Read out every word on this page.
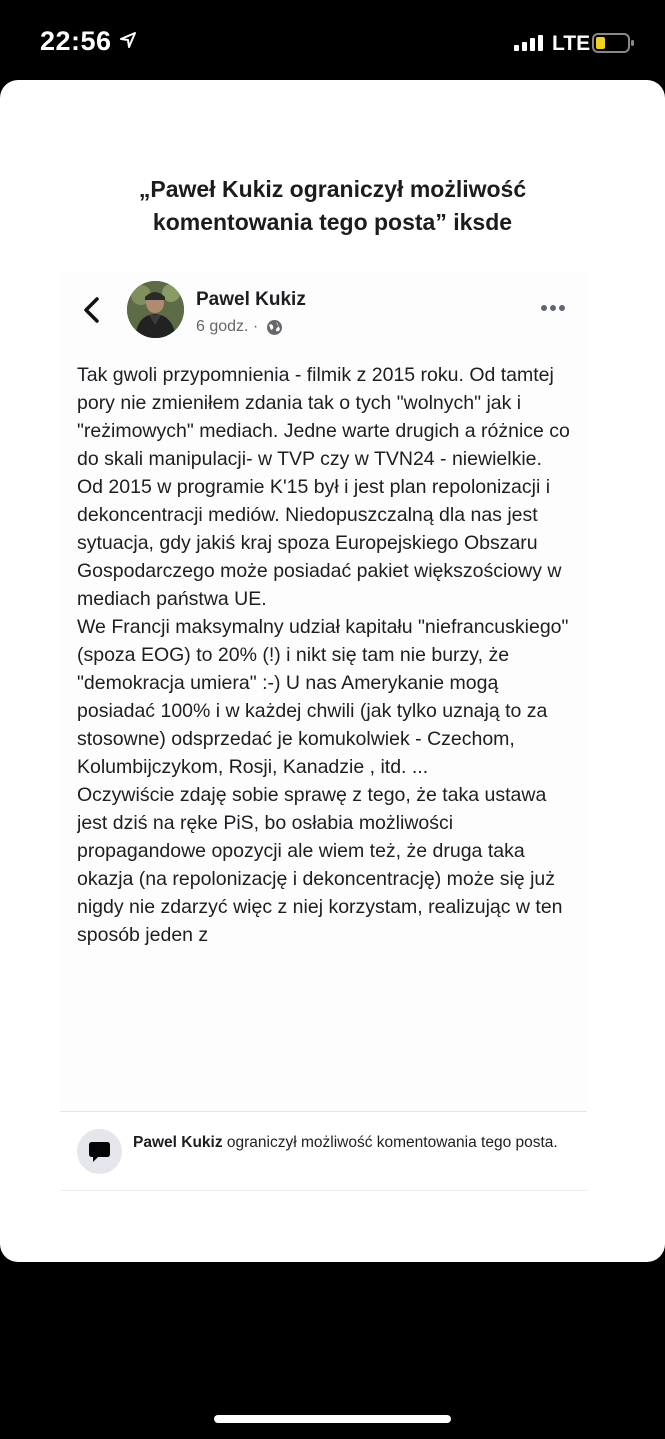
22:56	LTE
„Paweł Kukiz ograniczył możliwość komentowania tego posta” iksde
Pawel Kukiz
6 godz. ·

Tak gwoli przypomnienia - filmik z 2015 roku. Od tamtej pory nie zmieniłem zdania tak o tych "wolnych" jak i "reżimowych" mediach. Jedne warte drugich a różnice co do skali manipulacji- w TVP czy w TVN24 - niewielkie.

Od 2015 w programie K'15 był i jest plan repolonizacji i dekoncentracji mediów. Niedopuszczalną dla nas jest sytuacja, gdy jakiś kraj spoza Europejskiego Obszaru Gospodarczego może posiadać pakiet większościowy w mediach państwa UE.

We Francji maksymalny udział kapitału "niefrancuskiego" (spoza EOG) to 20% (!) i nikt się tam nie burzy, że "demokracja umiera" :-) U nas Amerykanie mogą posiadać 100% i w każdej chwili (jak tylko uznają to za stosowne) odsprzedać je komukolwiek - Czechom, Kolumbijczykom, Rosji, Kanadzie , itd. ...

Oczywiście zdaję sobie sprawę z tego, że taka ustawa jest dziś na ręke PiS, bo osłabia możliwości propagandowe opozycji ale wiem też, że druga taka okazja (na repolonizację i dekoncentrację) może się już nigdy nie zdarzyć więc z niej korzystam, realizując w ten sposób jeden z

Pawel Kukiz ograniczył możliwość komentowania tego posta.
